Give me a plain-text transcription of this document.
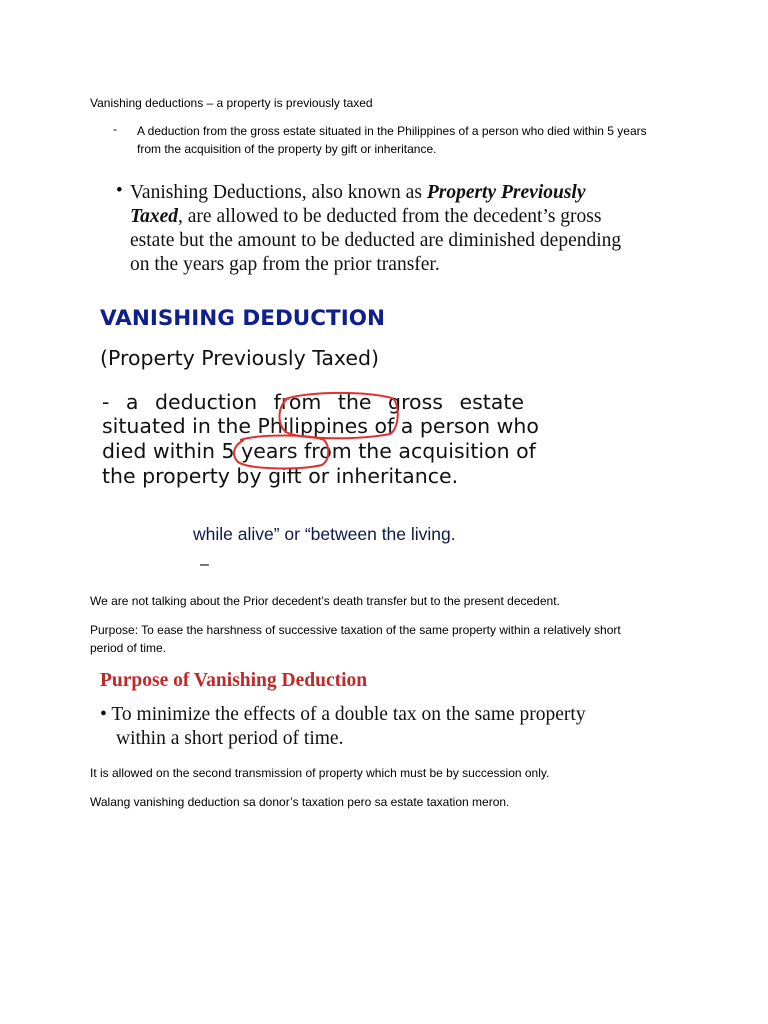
Vanishing deductions – a property is previously taxed
- A deduction from the gross estate situated in the Philippines of a person who died within 5 years
from the acquisition of the property by gift or inheritance.
• Vanishing Deductions, also known as Property Previously
Taxed, are allowed to be deducted from the decedent’s gross
estate but the amount to be deducted are diminished depending
on the years gap from the prior transfer.
VANISHING DEDUCTION
(Property Previously Taxed)
- a deduction from the gross estate
situated in the Philippines of a person who
died within 5 years from the acquisition of
the property by gift or inheritance.
while alive” or “between the living.
–
We are not talking about the Prior decedent’s death transfer but to the present decedent.
Purpose: To ease the harshness of successive taxation of the same property within a relatively short
period of time.
Purpose of Vanishing Deduction
• To minimize the effects of a double tax on the same property
within a short period of time.
It is allowed on the second transmission of property which must be by succession only.
Walang vanishing deduction sa donor’s taxation pero sa estate taxation meron.
